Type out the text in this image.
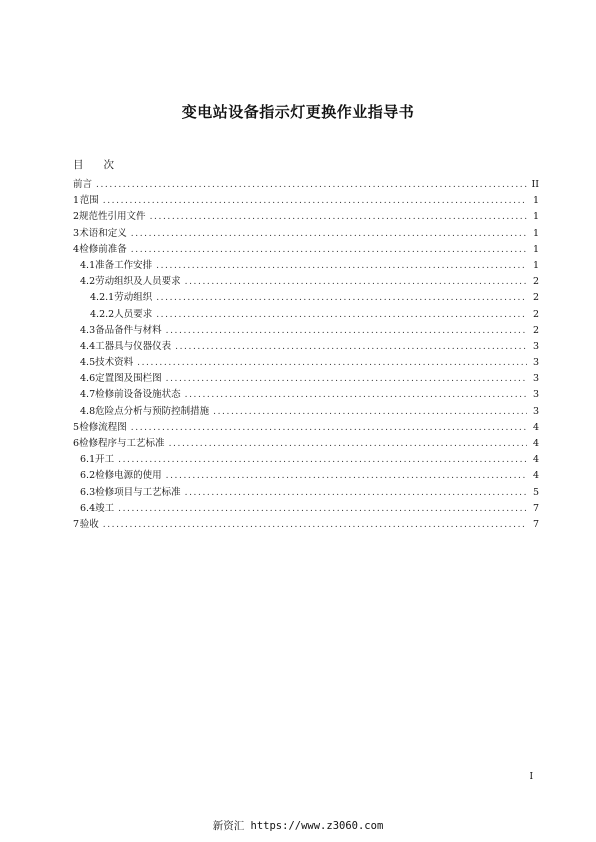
变电站设备指示灯更换作业指导书
目 次
前言 .....	II
1 范围 .....	1
2 规范性引用文件 .....	1
3 术语和定义 .....	1
4 检修前准备 .....	1
4.1 准备工作安排 .....	1
4.2 劳动组织及人员要求 .....	2
4.2.1 劳动组织 .....	2
4.2.2 人员要求 .....	2
4.3 备品备件与材料 .....	2
4.4 工器具与仪器仪表 .....	3
4.5 技术资料 .....	3
4.6 定置图及围栏图 .....	3
4.7 检修前设备设施状态 .....	3
4.8 危险点分析与预防控制措施 .....	3
5 检修流程图 .....	4
6 检修程序与工艺标准 .....	4
6.1 开工 .....	4
6.2 检修电源的使用 .....	4
6.3 检修项目与工艺标准 .....	5
6.4 竣工 .....	7
7 验收 .....	7
I
新资汇 https://www.z3060.com
